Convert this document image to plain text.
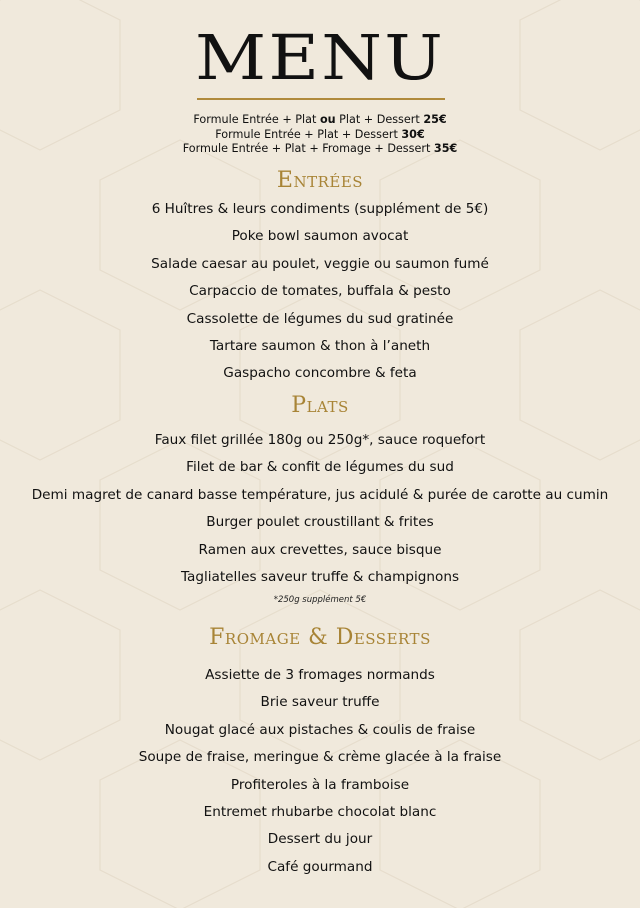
MENU
Formule Entrée + Plat ou Plat + Dessert 25€
Formule Entrée + Plat + Dessert 30€
Formule Entrée + Plat + Fromage + Dessert 35€
Entrées
6 Huîtres & leurs condiments (supplément de 5€)
Poke bowl saumon avocat
Salade caesar au poulet, veggie ou saumon fumé
Carpaccio de tomates, buffala & pesto
Cassolette de légumes du sud gratinée
Tartare saumon & thon à l’aneth
Gaspacho concombre & feta
Plats
Faux filet grillée 180g ou 250g*, sauce roquefort
Filet de bar & confit de légumes du sud
Demi magret de canard basse température, jus acidulé & purée de carotte au cumin
Burger poulet croustillant & frites
Ramen aux crevettes, sauce bisque
Tagliatelles saveur truffe & champignons
*250g supplément 5€
Fromage & Desserts
Assiette de 3 fromages normands
Brie saveur truffe
Nougat glacé aux pistaches & coulis de fraise
Soupe de fraise, meringue & crème glacée à la fraise
Profiteroles à la framboise
Entremet rhubarbe chocolat blanc
Dessert du jour
Café gourmand
